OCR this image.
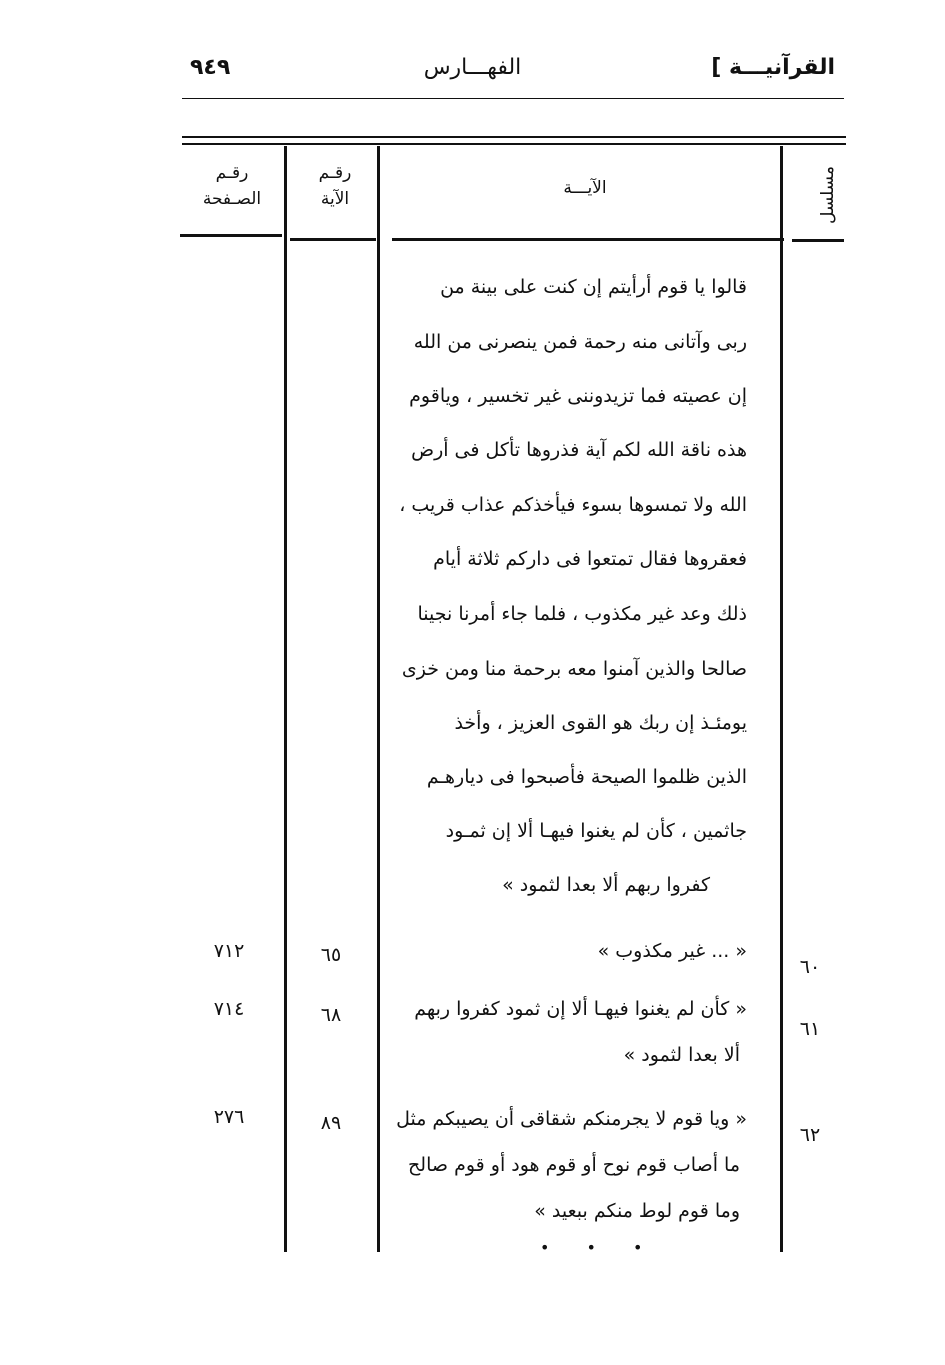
القرآنيـــة ]
الفهـــارس
٩٤٩
رقـم
الصـفحة
رقـم
الآية
الآيـــة	مسلسل
قالوا يا قوم أرأيتم إن كنت على بينة من
ربى وآتانى منه رحمة فمن ينصرنى من الله
إن عصيته فما تزيدوننى غير تخسير ، وياقوم
هذه ناقة الله لكم آية فذروها تأكل فى أرض
الله ولا تمسوها بسوء فيأخذكم عذاب قريب ،
فعقروها فقال تمتعوا فى داركم ثلاثة أيام
ذلك وعد غير مكذوب ، فلما جاء أمرنا نجينا
صالحا والذين آمنوا معه برحمة منا ومن خزى
يومئـذ إن ربك هو القوى العزيز ، وأخذ
الذين ظلموا الصيحة فأصبحوا فى ديارهـم
جاثمين ، كأن لم يغنوا فيهـا ألا إن ثمـود
كفروا ربهم ألا بعدا لثمود »
« ... غير مكذوب »
٦٠
٦٥
٧١٢
« كأن لم يغنوا فيهـا ألا إن ثمود كفروا ربهم
ألا بعدا لثمود »
٦١
٦٨
٧١٤
« ويا قوم لا يجرمنكم شقاقى أن يصيبكم مثل
ما أصاب قوم نوح أو قوم هود أو قوم صالح
وما قوم لوط منكم ببعيد »
٦٢
٨٩
٢٧٦
• • •
